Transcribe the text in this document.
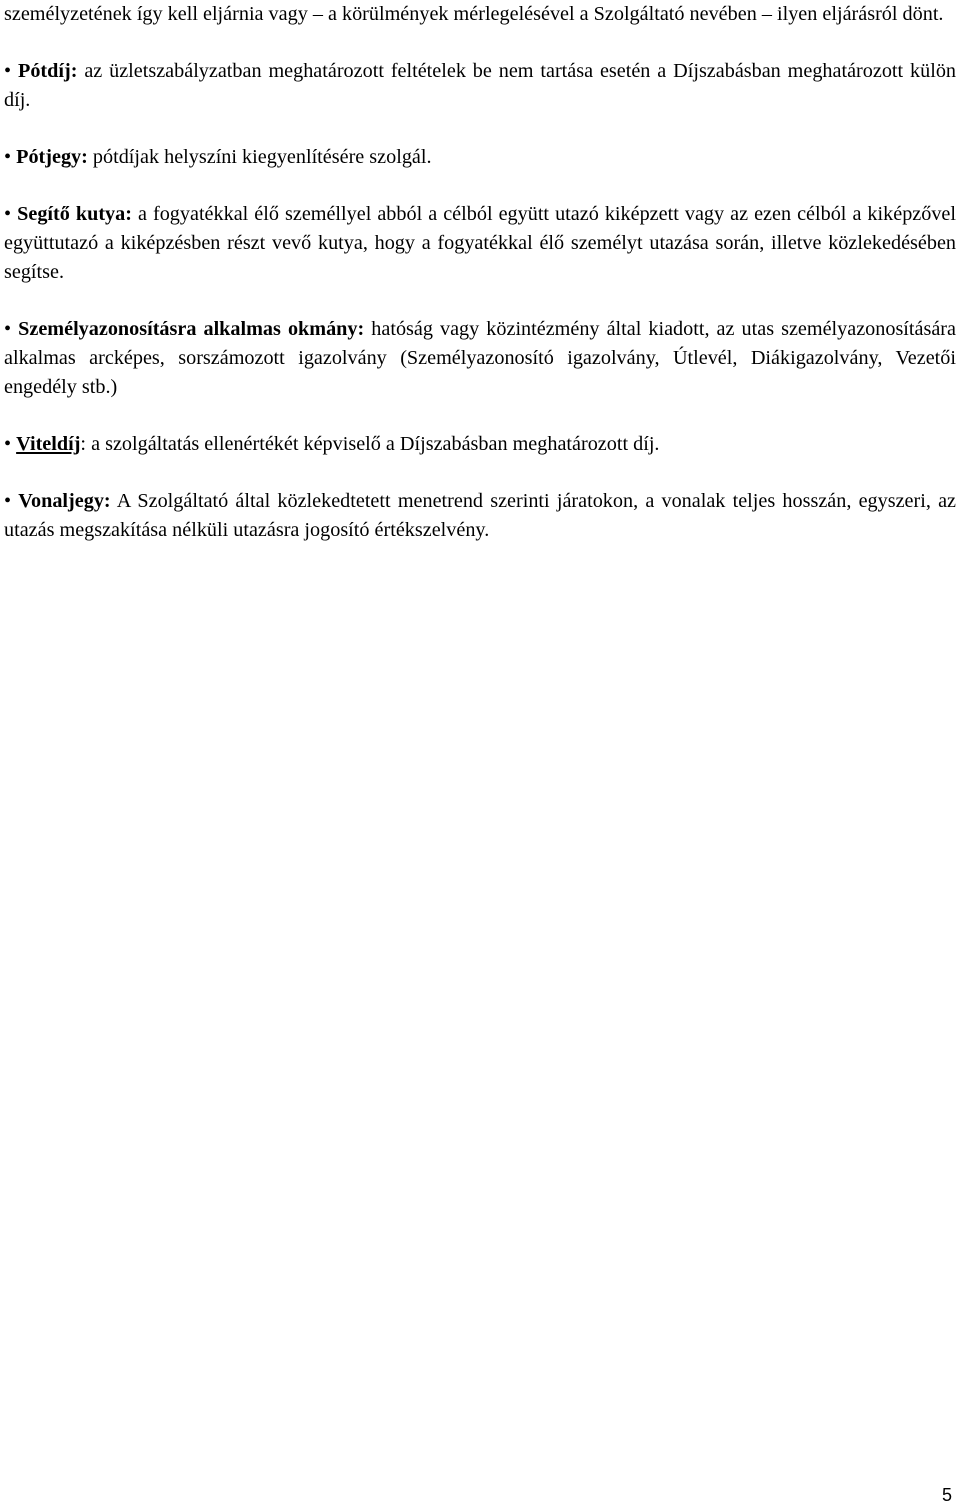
személyzetének így kell eljárnia vagy – a körülmények mérlegelésével a Szolgáltató nevében – ilyen eljárásról dönt.

• Pótdíj: az üzletszabályzatban meghatározott feltételek be nem tartása esetén a Díjszabásban meghatározott külön díj.

• Pótjegy: pótdíjak helyszíni kiegyenlítésére szolgál.

• Segítő kutya: a fogyatékkal élő személlyel abból a célból együtt utazó kiképzett vagy az ezen célból a kiképzővel együttutazó a kiképzésben részt vevő kutya, hogy a fogyatékkal élő személyt utazása során, illetve közlekedésében segítse.

• Személyazonosításra alkalmas okmány: hatóság vagy közintézmény által kiadott, az utas személyazonosítására alkalmas arcképes, sorszámozott igazolvány (Személyazonosító igazolvány, Útlevél, Diákigazolvány, Vezetői engedély stb.)

• Viteldíj: a szolgáltatás ellenértékét képviselő a Díjszabásban meghatározott díj.

• Vonaljegy: A Szolgáltató által közlekedtetett menetrend szerinti járatokon, a vonalak teljes hosszán, egyszeri, az utazás megszakítása nélküli utazásra jogosító értékszelvény.

5
